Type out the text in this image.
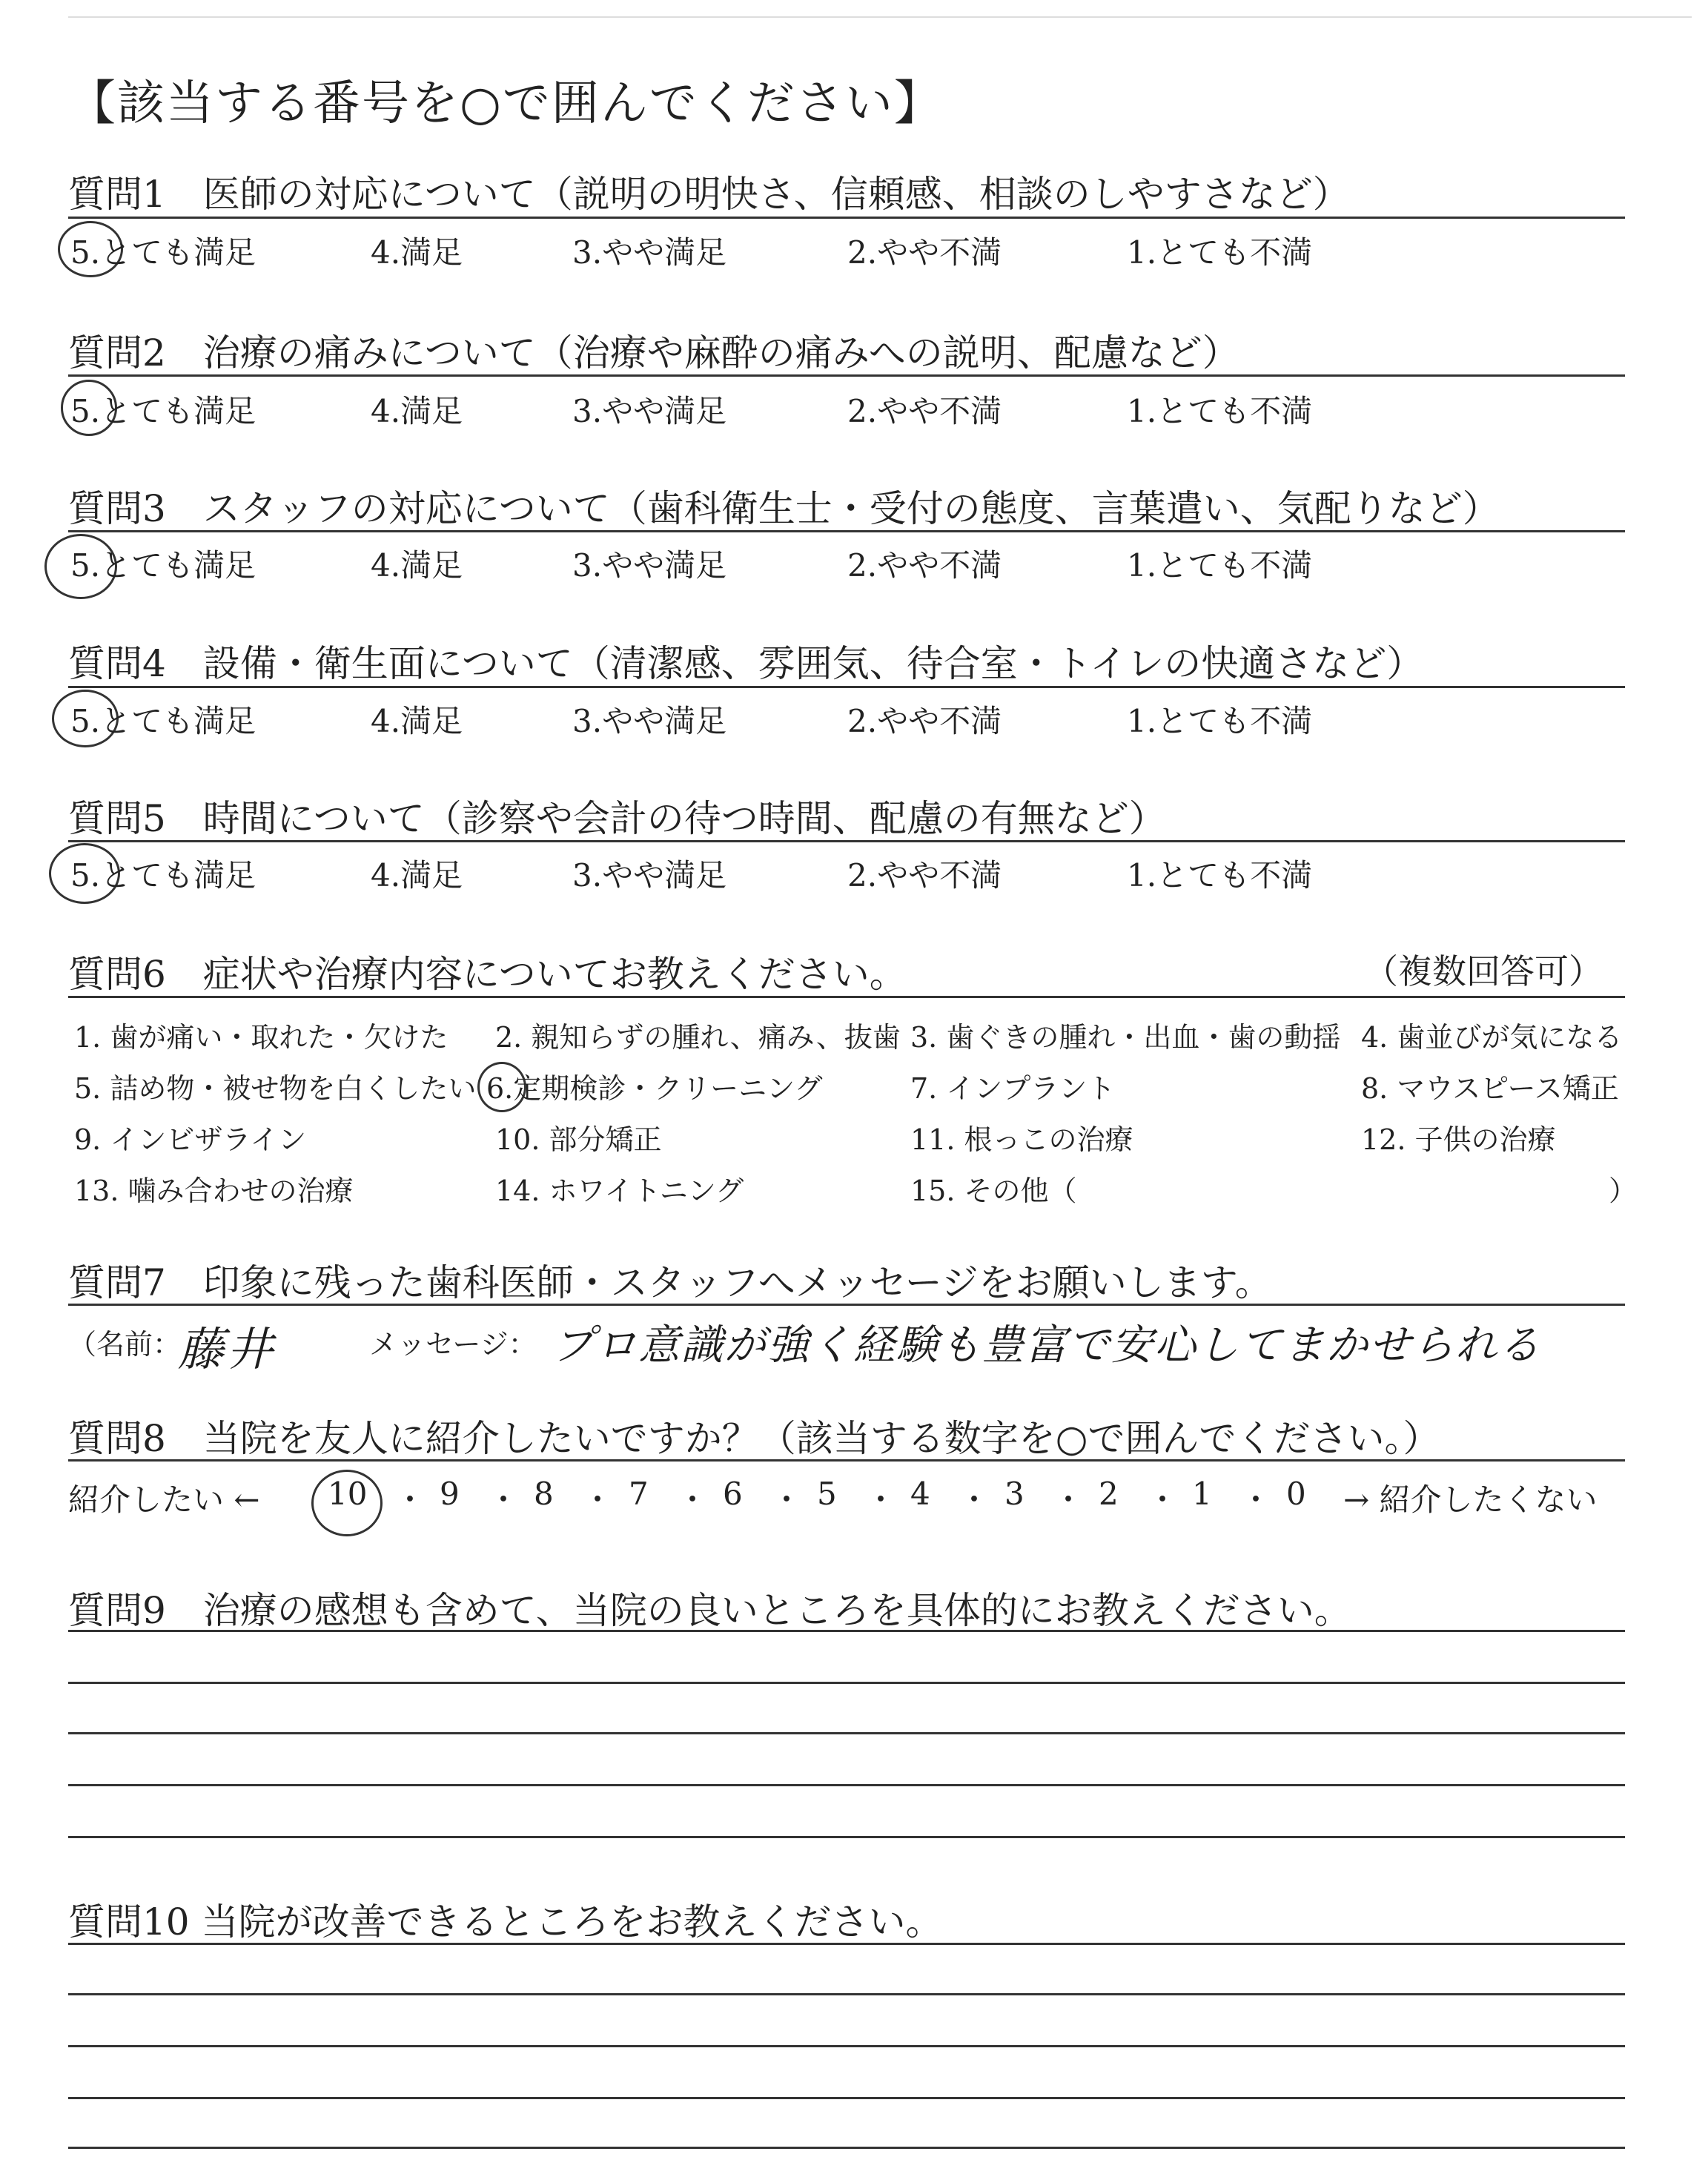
【該当する番号を○で囲んでください】
質問1　医師の対応について（説明の明快さ、信頼感、相談のしやすさなど）
5.とても満足	4.満足	3.やや満足	2.やや不満	1.とても不満
質問2　治療の痛みについて（治療や麻酔の痛みへの説明、配慮など）
5.とても満足	4.満足	3.やや満足	2.やや不満	1.とても不満
質問3　スタッフの対応について（歯科衛生士・受付の態度、言葉遣い、気配りなど）
5.とても満足	4.満足	3.やや満足	2.やや不満	1.とても不満
質問4　設備・衛生面について（清潔感、雰囲気、待合室・トイレの快適さなど）
5.とても満足	4.満足	3.やや満足	2.やや不満	1.とても不満
質問5　時間について（診察や会計の待つ時間、配慮の有無など）
5.とても満足	4.満足	3.やや満足	2.やや不満	1.とても不満
質問6　症状や治療内容についてお教えください。	（複数回答可）
1. 歯が痛い・取れた・欠けた 2. 親知らずの腫れ、痛み、抜歯 3. 歯ぐきの腫れ・出血・歯の動揺 4. 歯並びが気になる
5. 詰め物・被せ物を白くしたい 6.定期検診・クリーニング	7. インプラント	8. マウスピース矯正
9. インビザライン	10. 部分矯正	11. 根っこの治療	12. 子供の治療
13. 噛み合わせの治療	14. ホワイトニング	15. その他（	）
質問7　印象に残った歯科医師・スタッフへメッセージをお願いします。
（名前：
藤井	メッセージ： プロ意識が強く経験も豊富で安心してまかせられる
質問8　当院を友人に紹介したいですか？（該当する数字を○で囲んでください。）
紹介したい ← 10 ・ 9 ・ 8 ・ 7 ・ 6 ・ 5 ・ 4 ・ 3 ・ 2 ・ 1 ・ 0 → 紹介したくない
質問9　治療の感想も含めて、当院の良いところを具体的にお教えください。
質問10 当院が改善できるところをお教えください。
